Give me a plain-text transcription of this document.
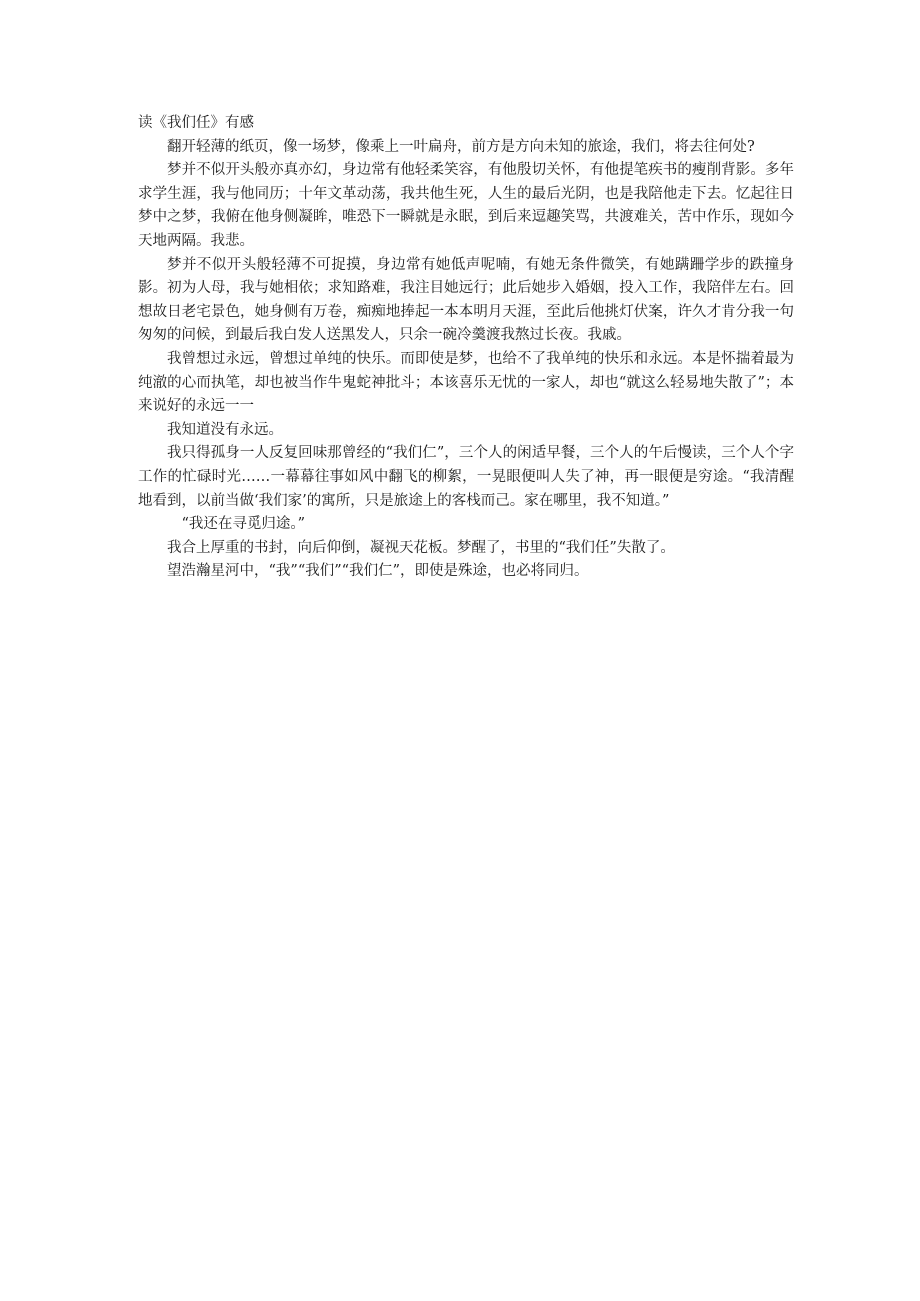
读《我们任》有感

翻开轻薄的纸页，像一场梦，像乘上一叶扁舟，前方是方向未知的旅途，我们，将去往何处?

梦并不似开头般亦真亦幻，身边常有他轻柔笑容，有他殷切关怀，有他提笔疾书的瘦削背影。多年求学生涯，我与他同历；十年文革动荡，我共他生死，人生的最后光阴，也是我陪他走下去。忆起往日梦中之梦，我俯在他身侧凝眸，唯恐下一瞬就是永眠，到后来逗趣笑骂，共渡难关，苦中作乐，现如今天地两隔。我悲。

梦并不似开头般轻薄不可捉摸，身边常有她低声呢喃，有她无条件微笑，有她蹒跚学步的跌撞身影。初为人母，我与她相依；求知路难，我注目她远行；此后她步入婚姻，投入工作，我陪伴左右。回想故日老宅景色，她身侧有万卷，痴痴地捧起一本本明月天涯，至此后他挑灯伏案，许久才肯分我一句匆匆的问候，到最后我白发人送黑发人，只余一碗冷羹渡我熬过长夜。我戚。

我曾想过永远，曾想过单纯的快乐。而即使是梦，也给不了我单纯的快乐和永远。本是怀揣着最为纯澈的心而执笔，却也被当作牛鬼蛇神批斗；本该喜乐无忧的一家人，却也“就这么轻易地失散了”；本来说好的永远一一

我知道没有永远。

我只得孤身一人反复回味那曾经的“我们仁”，三个人的闲适早餐，三个人的午后慢读，三个人个字工作的忙碌时光……一幕幕往事如风中翻飞的柳絮，一晃眼便叫人失了神，再一眼便是穷途。“我清醒地看到，以前当做‘我们家’的寓所，只是旅途上的客栈而己。家在哪里，我不知道。”

“我还在寻觅归途。”

我合上厚重的书封，向后仰倒，凝视天花板。梦醒了，书里的“我们任”失散了。

望浩瀚星河中，“我”“我们”“我们仁”，即使是殊途，也必将同归。
